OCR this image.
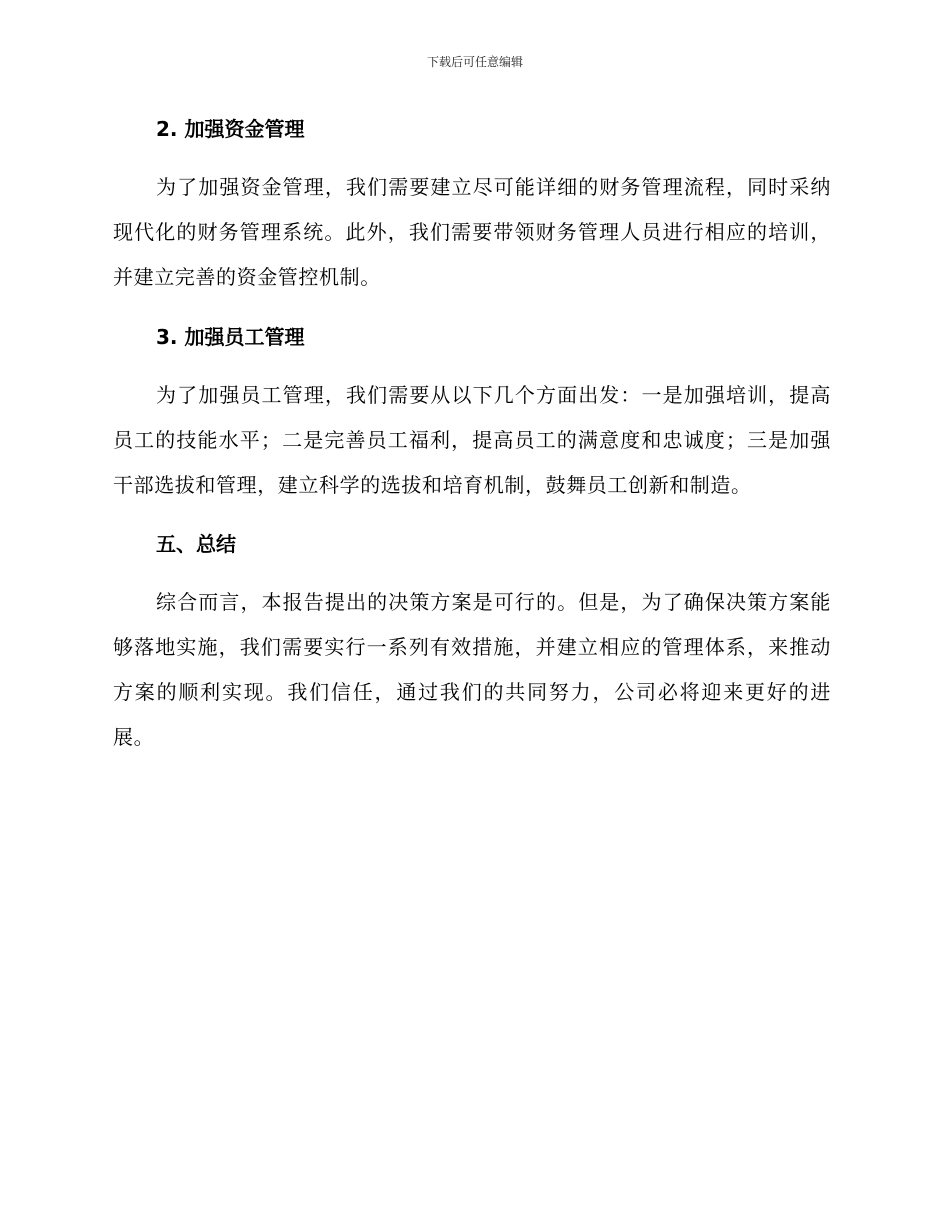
下载后可任意编辑
2. 加强资金管理

为了加强资金管理，我们需要建立尽可能详细的财务管理流程，同时采纳现代化的财务管理系统。此外，我们需要带领财务管理人员进行相应的培训，并建立完善的资金管控机制。

3. 加强员工管理

为了加强员工管理，我们需要从以下几个方面出发：一是加强培训，提高员工的技能水平；二是完善员工福利，提高员工的满意度和忠诚度；三是加强干部选拔和管理，建立科学的选拔和培育机制，鼓舞员工创新和制造。

五、总结

综合而言，本报告提出的决策方案是可行的。但是，为了确保决策方案能够落地实施，我们需要实行一系列有效措施，并建立相应的管理体系，来推动方案的顺利实现。我们信任，通过我们的共同努力，公司必将迎来更好的进展。
